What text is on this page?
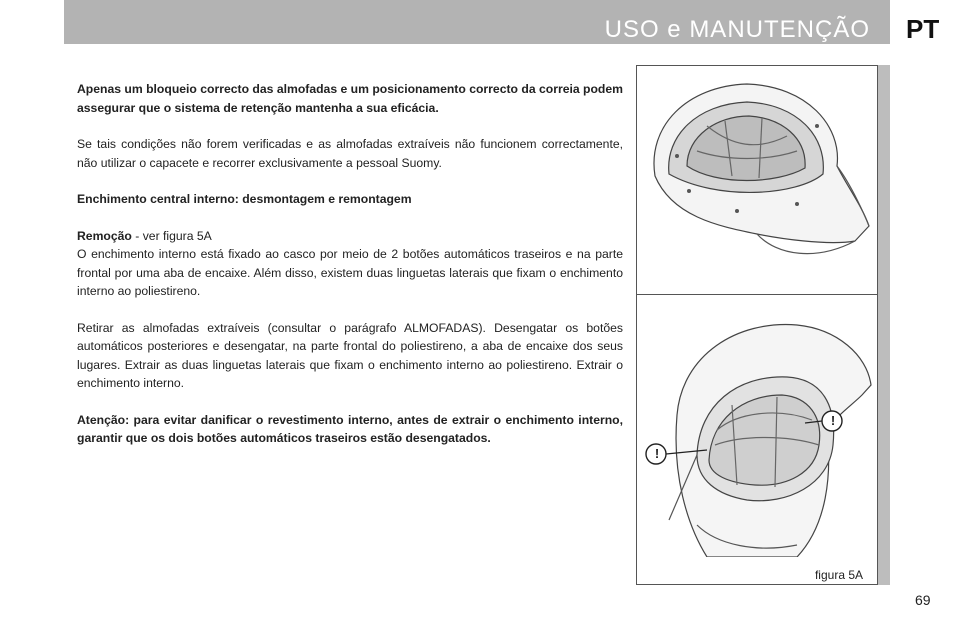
USO e MANUTENÇÃO PT

Apenas um bloqueio correcto das almofadas e um posicionamento correcto da correia podem assegurar que o sistema de retenção mantenha a sua eficácia.

Se tais condições não forem verificadas e as almofadas extraíveis não funcionem correctamente, não utilizar o capacete e recorrer exclusivamente a pessoal Suomy.

Enchimento central interno: desmontagem e remontagem

Remoção - ver figura 5A
O enchimento interno está fixado ao casco por meio de 2 botões automáticos traseiros e na parte frontal por uma aba de encaixe. Além disso, existem duas linguetas laterais que fixam o enchimento interno ao poliestireno.

Retirar as almofadas extraíveis (consultar o parágrafo ALMOFADAS). Desengatar os botões automáticos posteriores e desengatar, na parte frontal do poliestireno, a aba de encaixe dos seus lugares. Extrair as duas linguetas laterais que fixam o enchimento interno ao poliestireno. Extrair o enchimento interno.

Atenção: para evitar danificar o revestimento interno, antes de extrair o enchimento interno, garantir que os dois botões automáticos traseiros estão desengatados.

!
!
figura 5A
69
